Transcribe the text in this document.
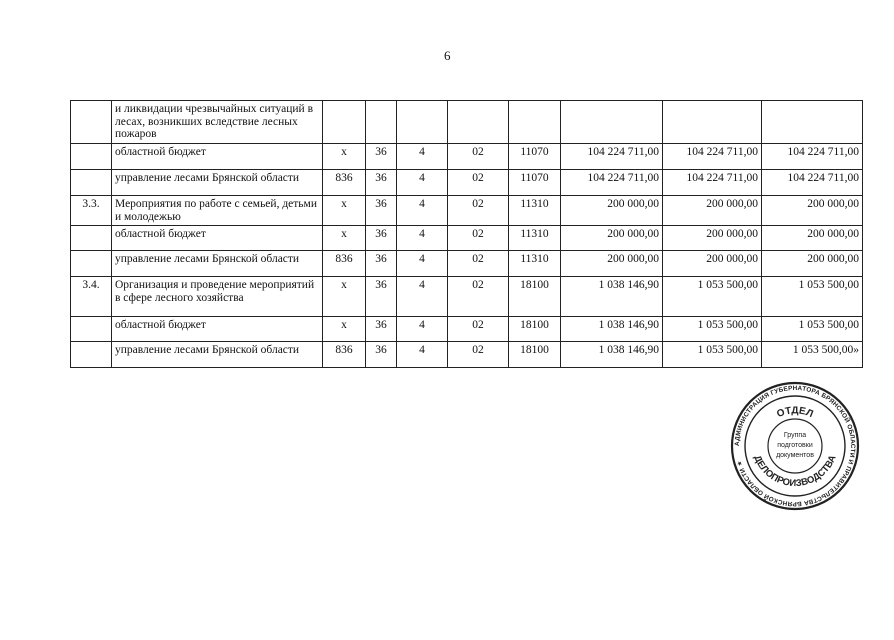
6
	и ликвидации чрезвычайных ситуаций в лесах, возникших вследствие лесных пожаров								
	областной бюджет	х	36	4	02	11070	104 224 711,00	104 224 711,00	104 224 711,00
	управление лесами Брянской области	836	36	4	02	11070	104 224 711,00	104 224 711,00	104 224 711,00
3.3.	Мероприятия по работе с семьей, детьми и молодежью	х	36	4	02	11310	200 000,00	200 000,00	200 000,00
	областной бюджет	х	36	4	02	11310	200 000,00	200 000,00	200 000,00
	управление лесами Брянской области	836	36	4	02	11310	200 000,00	200 000,00	200 000,00
3.4.	Организация и проведение мероприятий в сфере лесного хозяйства	х	36	4	02	18100	1 038 146,90	1 053 500,00	1 053 500,00
	областной бюджет	х	36	4	02	18100	1 038 146,90	1 053 500,00	1 053 500,00
	управление лесами Брянской области	836	36	4	02	18100	1 038 146,90	1 053 500,00	1 053 500,00»
АДМИНИСТРАЦИЯ ГУБЕРНАТОРА БРЯНСКОЙ ОБЛАСТИ И ПРАВИТЕЛЬСТВА БРЯНСКОЙ ОБЛАСТИ ★
ОТДЕЛ
ДЕЛОПРОИЗВОДСТВА
Группа
подготовки
документов
